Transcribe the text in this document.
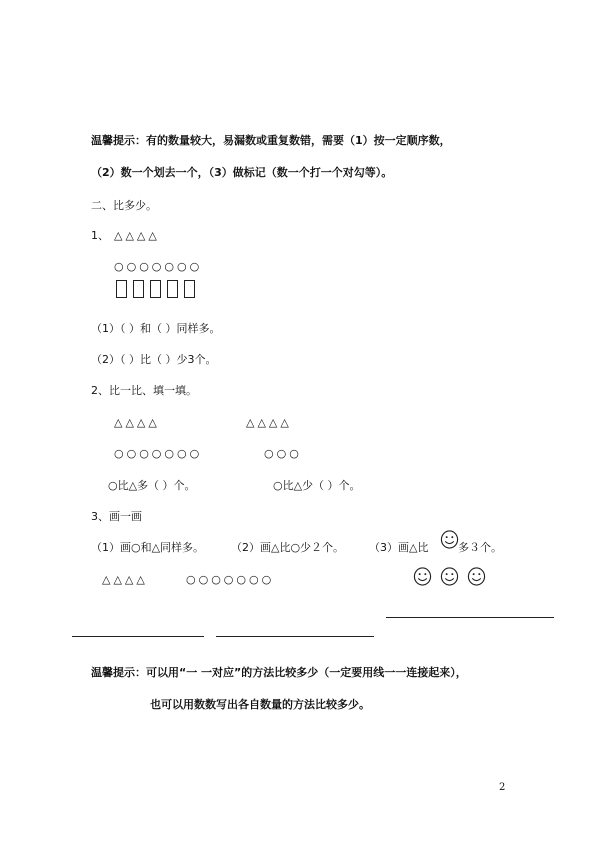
温馨提示：有的数量较大，易漏数或重复数错，需要（1）按一定顺序数，
（2）数一个划去一个，（3）做标记（数一个打一个对勾等）。
二、比多少。
1、 △△△△
○○○○○○○
（1）（ ）和（ ）同样多。
（2）（ ）比（ ）少3个。
2、比一比、填一填。
△△△△	△△△△
○○○○○○○	○○○
○比△多（ ）个。	○比△少（ ）个。
3、画一画
（1）画○和△同样多。 （2）画△比○少２个。 （3）画△比	多３个。
△△△△	○○○○○○○
温馨提示：可以用“一 一对应”的方法比较多少（一定要用线一一连接起来），
也可以用数数写出各自数量的方法比较多少。
2
